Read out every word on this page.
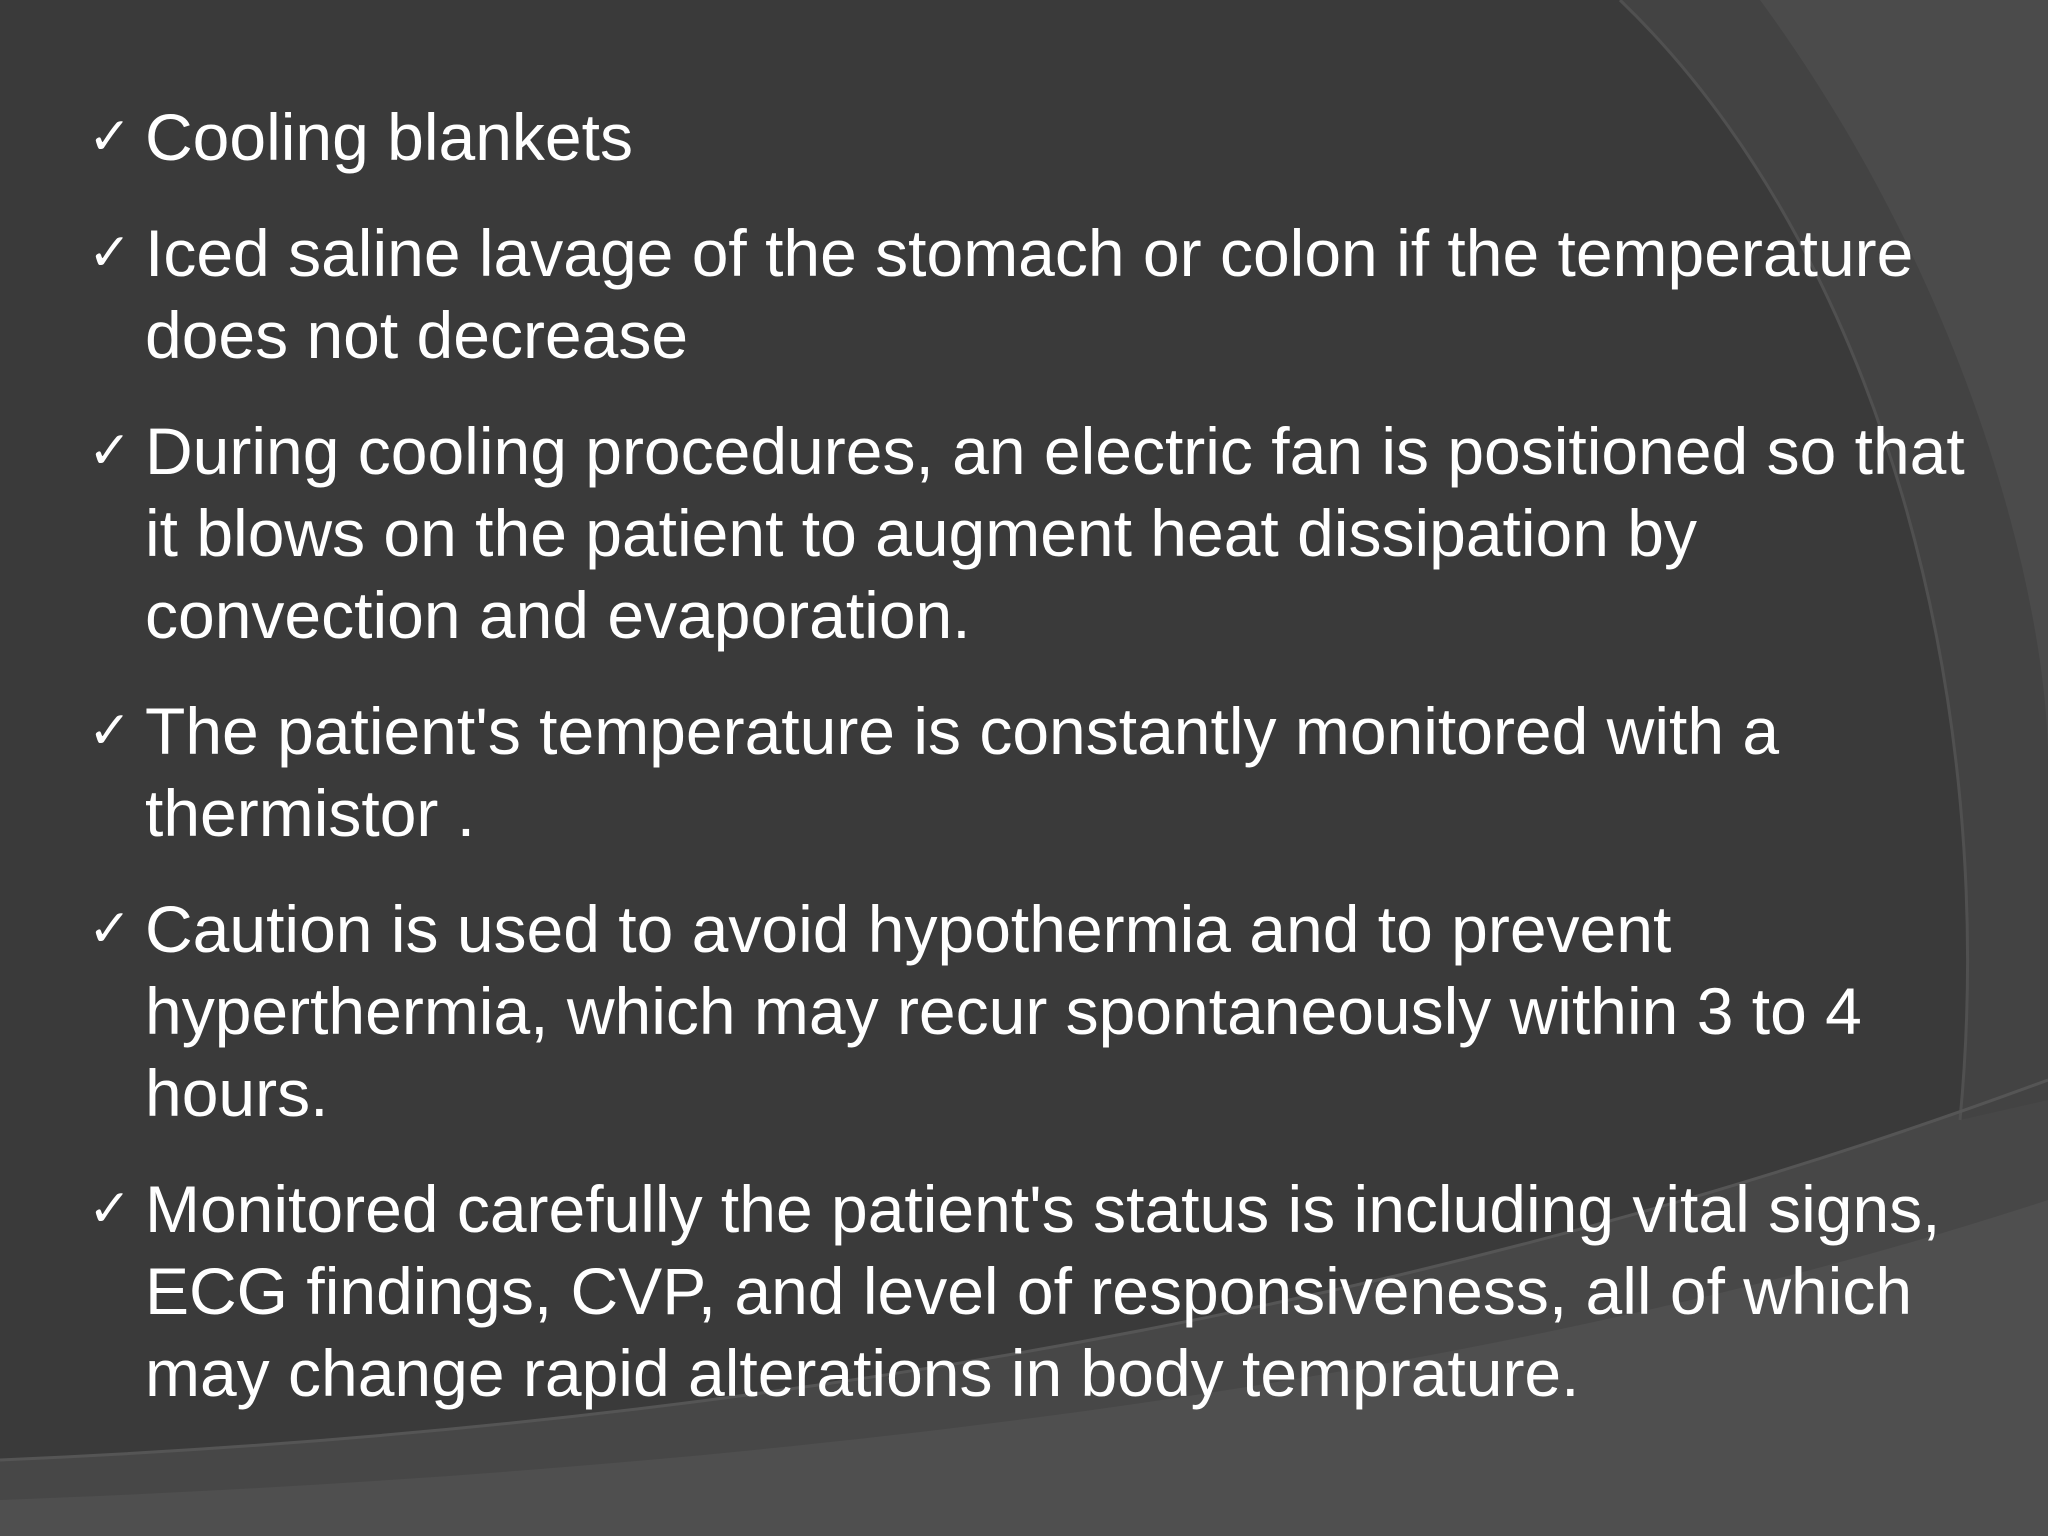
✓ Cooling blankets
✓ Iced saline lavage of the stomach or colon if the temperature does not decrease
✓ During cooling procedures, an electric fan is positioned so that it blows on the patient to augment heat dissipation by convection and evaporation.
✓ The patient's temperature is constantly monitored with a thermistor .
✓ Caution is used to avoid hypothermia and to prevent hyperthermia, which may recur spontaneously within 3 to 4 hours.
✓ Monitored carefully the patient's status is including vital signs, ECG findings, CVP, and level of responsiveness, all of which may change rapid alterations in body temprature.
